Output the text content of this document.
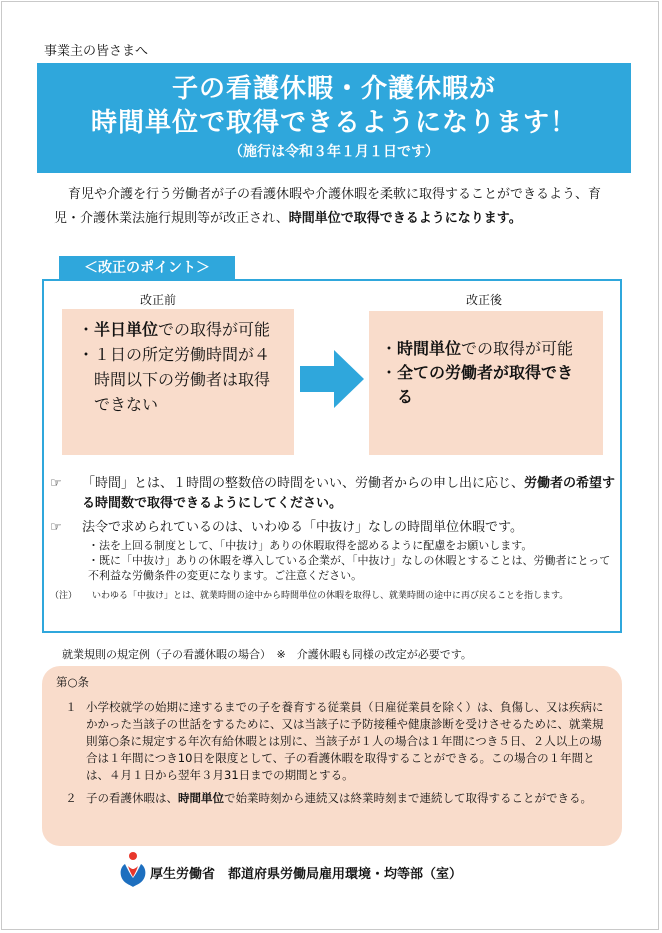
事業主の皆さまへ
子の看護休暇・介護休暇が
時間単位で取得できるようになります！
（施行は令和３年１月１日です）
育児や介護を行う労働者が子の看護休暇や介護休暇を柔軟に取得することができるよう、育児・介護休業法施行規則等が改正され、時間単位で取得できるようになります。
＜改正のポイント＞
改正前	改正後
・ 半日単位での取得が可能
・ １日の所定労働時間が４時間以下の労働者は取得できない
・ 時間単位での取得が可能
・ 全ての労働者が取得できる
☞	「時間」とは、１時間の整数倍の時間をいい、労働者からの申し出に応じ、労働者の希望する時間数で取得できるようにしてください。
☞	法令で求められているのは、いわゆる「中抜け」なしの時間単位休暇です。
・法を上回る制度として、「中抜け」ありの休暇取得を認めるように配慮をお願いします。
・既に「中抜け」ありの休暇を導入している企業が、「中抜け」なしの休暇とすることは、労働者にとって不利益な労働条件の変更になります。ご注意ください。
（注）	いわゆる「中抜け」とは、就業時間の途中から時間単位の休暇を取得し、就業時間の途中に再び戻ることを指します。
就業規則の規定例（子の看護休暇の場合）　※　介護休暇も同様の改定が必要です。
第○条
１ 小学校就学の始期に達するまでの子を養育する従業員（日雇従業員を除く）は、負傷し、又は疾病にかかった当該子の世話をするために、又は当該子に予防接種や健康診断を受けさせるために、就業規則第○条に規定する年次有給休暇とは別に、当該子が１人の場合は１年間につき５日、２人以上の場合は１年間につき10日を限度として、子の看護休暇を取得することができる。この場合の１年間とは、４月１日から翌年３月31日までの期間とする。
２ 子の看護休暇は、時間単位で始業時刻から連続又は終業時刻まで連続して取得することができる。
厚生労働省　都道府県労働局雇用環境・均等部（室）
